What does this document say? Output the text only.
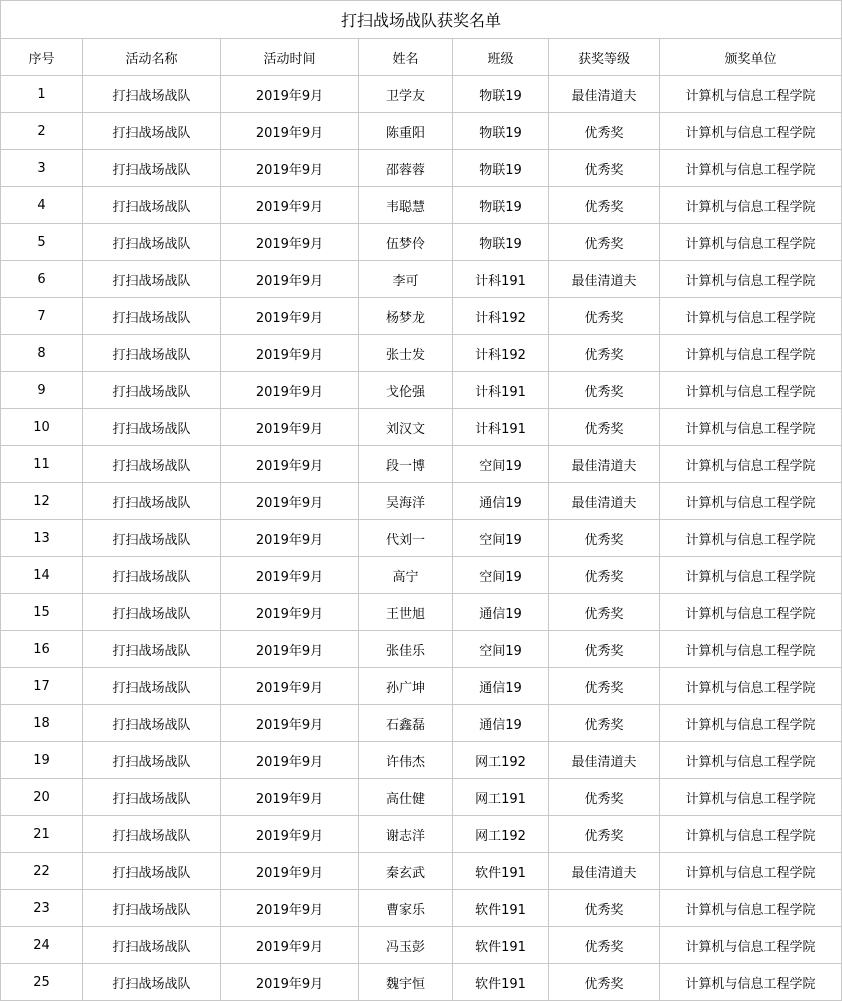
打扫战场战队获奖名单						
序号	活动名称	活动时间	姓名	班级	获奖等级	颁奖单位
1	打扫战场战队	2019年9月	卫学友	物联19	最佳清道夫	计算机与信息工程学院
2	打扫战场战队	2019年9月	陈重阳	物联19	优秀奖	计算机与信息工程学院
3	打扫战场战队	2019年9月	邵蓉蓉	物联19	优秀奖	计算机与信息工程学院
4	打扫战场战队	2019年9月	韦聪慧	物联19	优秀奖	计算机与信息工程学院
5	打扫战场战队	2019年9月	伍梦伶	物联19	优秀奖	计算机与信息工程学院
6	打扫战场战队	2019年9月	李可	计科191	最佳清道夫	计算机与信息工程学院
7	打扫战场战队	2019年9月	杨梦龙	计科192	优秀奖	计算机与信息工程学院
8	打扫战场战队	2019年9月	张士发	计科192	优秀奖	计算机与信息工程学院
9	打扫战场战队	2019年9月	戈伦强	计科191	优秀奖	计算机与信息工程学院
10	打扫战场战队	2019年9月	刘汉文	计科191	优秀奖	计算机与信息工程学院
11	打扫战场战队	2019年9月	段一博	空间19	最佳清道夫	计算机与信息工程学院
12	打扫战场战队	2019年9月	吴海洋	通信19	最佳清道夫	计算机与信息工程学院
13	打扫战场战队	2019年9月	代刘一	空间19	优秀奖	计算机与信息工程学院
14	打扫战场战队	2019年9月	高宁	空间19	优秀奖	计算机与信息工程学院
15	打扫战场战队	2019年9月	王世旭	通信19	优秀奖	计算机与信息工程学院
16	打扫战场战队	2019年9月	张佳乐	空间19	优秀奖	计算机与信息工程学院
17	打扫战场战队	2019年9月	孙广坤	通信19	优秀奖	计算机与信息工程学院
18	打扫战场战队	2019年9月	石鑫磊	通信19	优秀奖	计算机与信息工程学院
19	打扫战场战队	2019年9月	许伟杰	网工192	最佳清道夫	计算机与信息工程学院
20	打扫战场战队	2019年9月	高仕健	网工191	优秀奖	计算机与信息工程学院
21	打扫战场战队	2019年9月	谢志洋	网工192	优秀奖	计算机与信息工程学院
22	打扫战场战队	2019年9月	秦玄武	软件191	最佳清道夫	计算机与信息工程学院
23	打扫战场战队	2019年9月	曹家乐	软件191	优秀奖	计算机与信息工程学院
24	打扫战场战队	2019年9月	冯玉彭	软件191	优秀奖	计算机与信息工程学院
25	打扫战场战队	2019年9月	魏宇恒	软件191	优秀奖	计算机与信息工程学院
